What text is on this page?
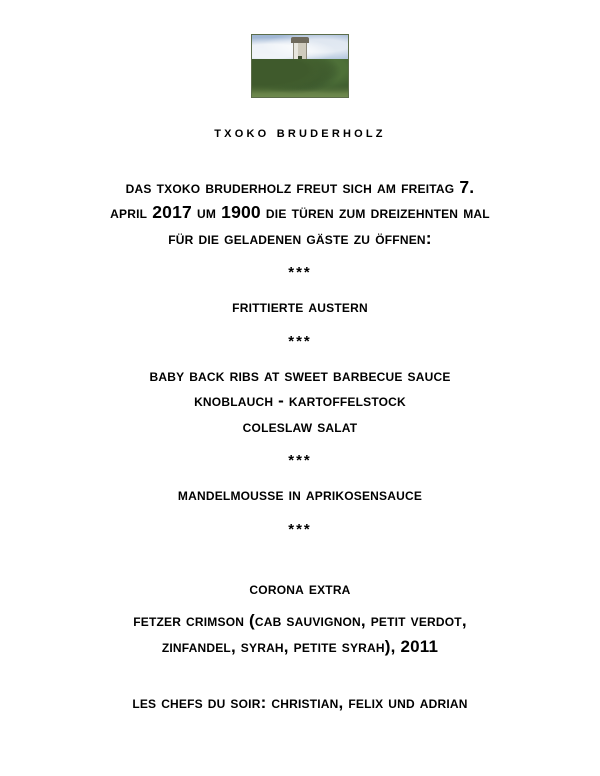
txoko bruderholz
das txoko bruderholz freut sich am freitag 7.
april 2017 um 1900 die türen zum dreizehnten mal
für die geladenen gäste zu öffnen:
***
frittierte austern
***
baby back ribs at sweet barbecue sauce
knoblauch - kartoffelstock
coleslaw salat
***
mandelmousse in aprikosensauce
***
corona extra
fetzer crimson (cab sauvignon, petit verdot,
zinfandel, syrah, petite syrah), 2011
les chefs du soir: christian, felix und adrian
